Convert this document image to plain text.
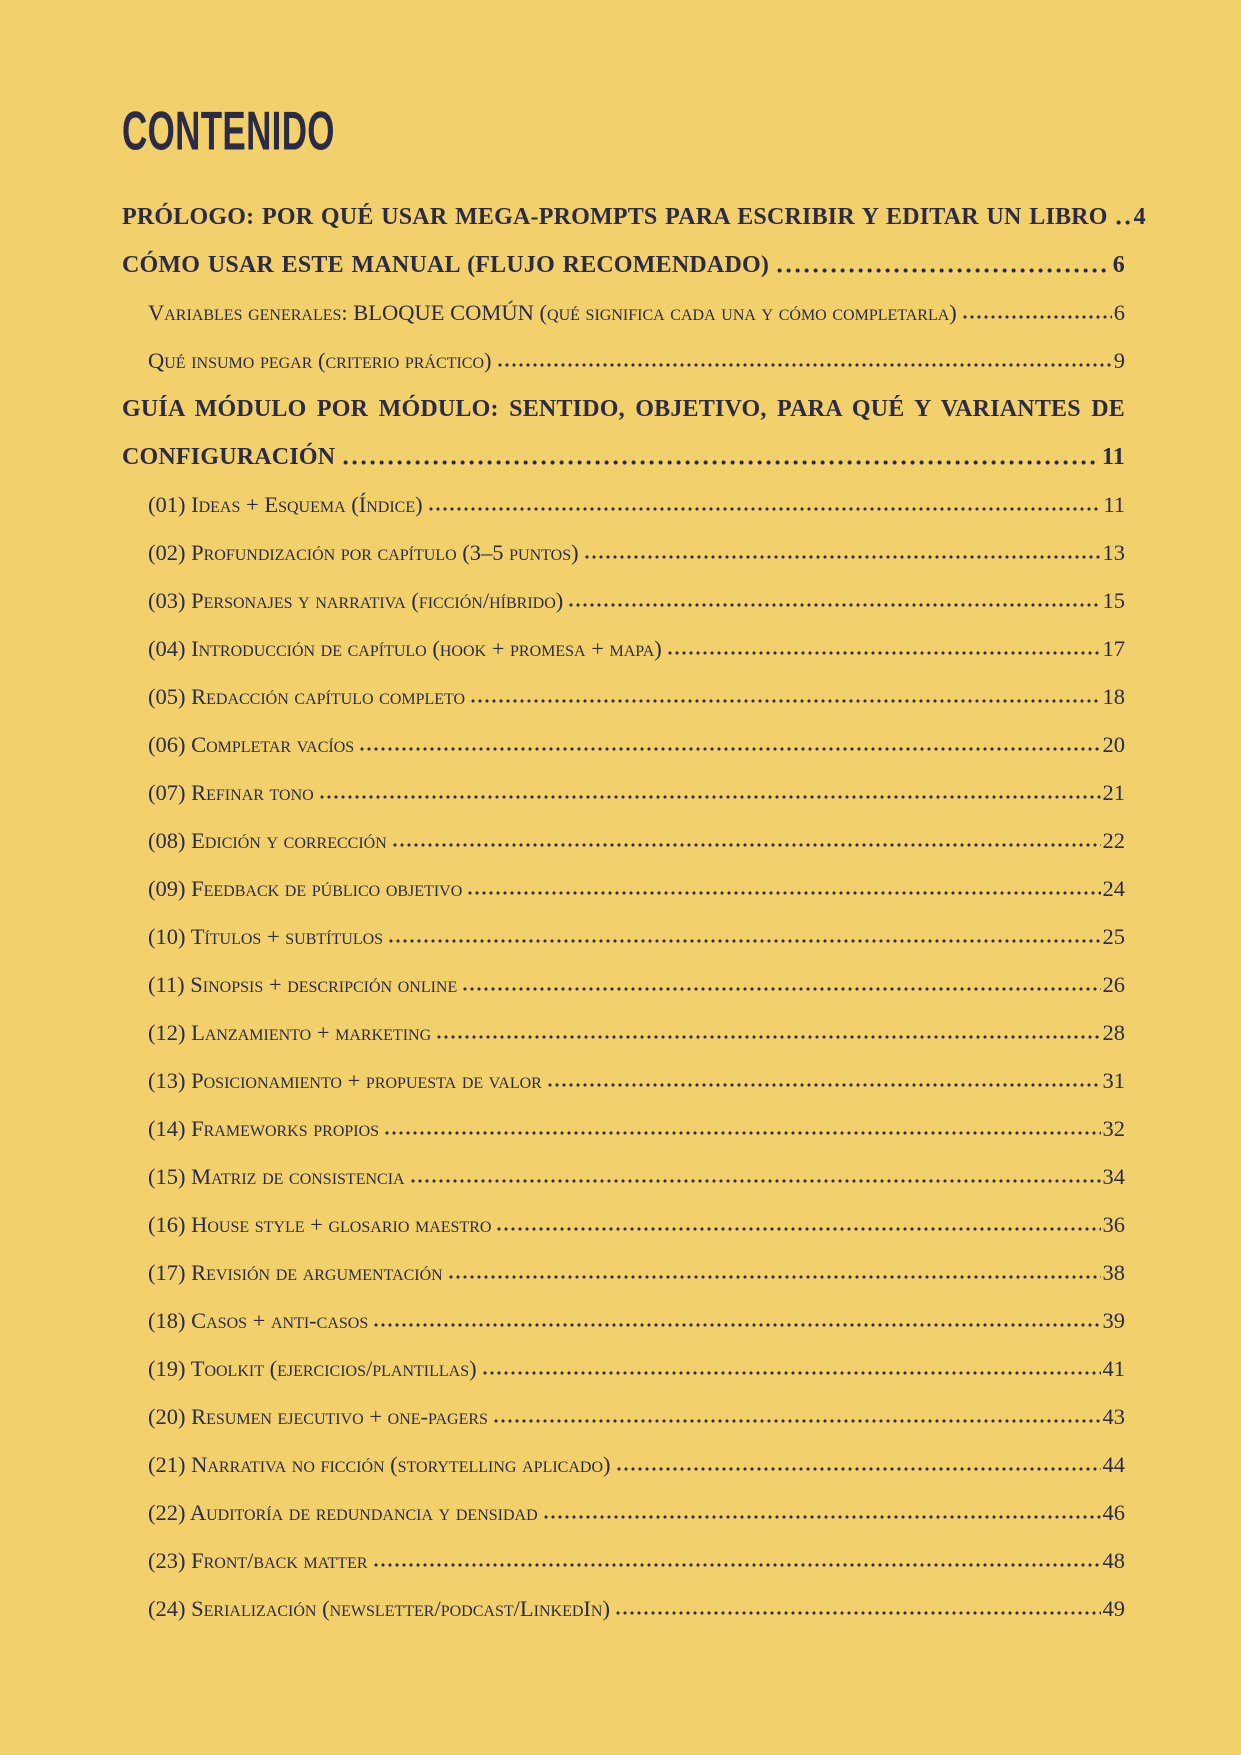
CONTENIDO
PRÓLOGO: POR QUÉ USAR MEGA-PROMPTS PARA ESCRIBIR Y EDITAR UN LIBRO 4
CÓMO USAR ESTE MANUAL (FLUJO RECOMENDADO)	6
Variables generales: BLOQUE COMÚN (qué significa cada una y cómo completarla)	6
Qué insumo pegar (criterio práctico)	9
GUÍA MÓDULO POR MÓDULO: SENTIDO, OBJETIVO, PARA QUÉ Y VARIANTES DE
CONFIGURACIÓN	11
(01) Ideas + Esquema (Índice)	11
(02) Profundización por capítulo (3–5 puntos)	13
(03) Personajes y narrativa (ficción/híbrido)	15
(04) Introducción de capítulo (hook + promesa + mapa)	17
(05) Redacción capítulo completo	18
(06) Completar vacíos	20
(07) Refinar tono	21
(08) Edición y corrección	22
(09) Feedback de público objetivo	24
(10) Títulos + subtítulos	25
(11) Sinopsis + descripción online	26
(12) Lanzamiento + marketing	28
(13) Posicionamiento + propuesta de valor	31
(14) Frameworks propios	32
(15) Matriz de consistencia	34
(16) House style + glosario maestro	36
(17) Revisión de argumentación	38
(18) Casos + anti-casos	39
(19) Toolkit (ejercicios/plantillas)	41
(20) Resumen ejecutivo + one-pagers	43
(21) Narrativa no ficción (storytelling aplicado)	44
(22) Auditoría de redundancia y densidad	46
(23) Front/back matter	48
(24) Serialización (newsletter/podcast/LinkedIn)	49
